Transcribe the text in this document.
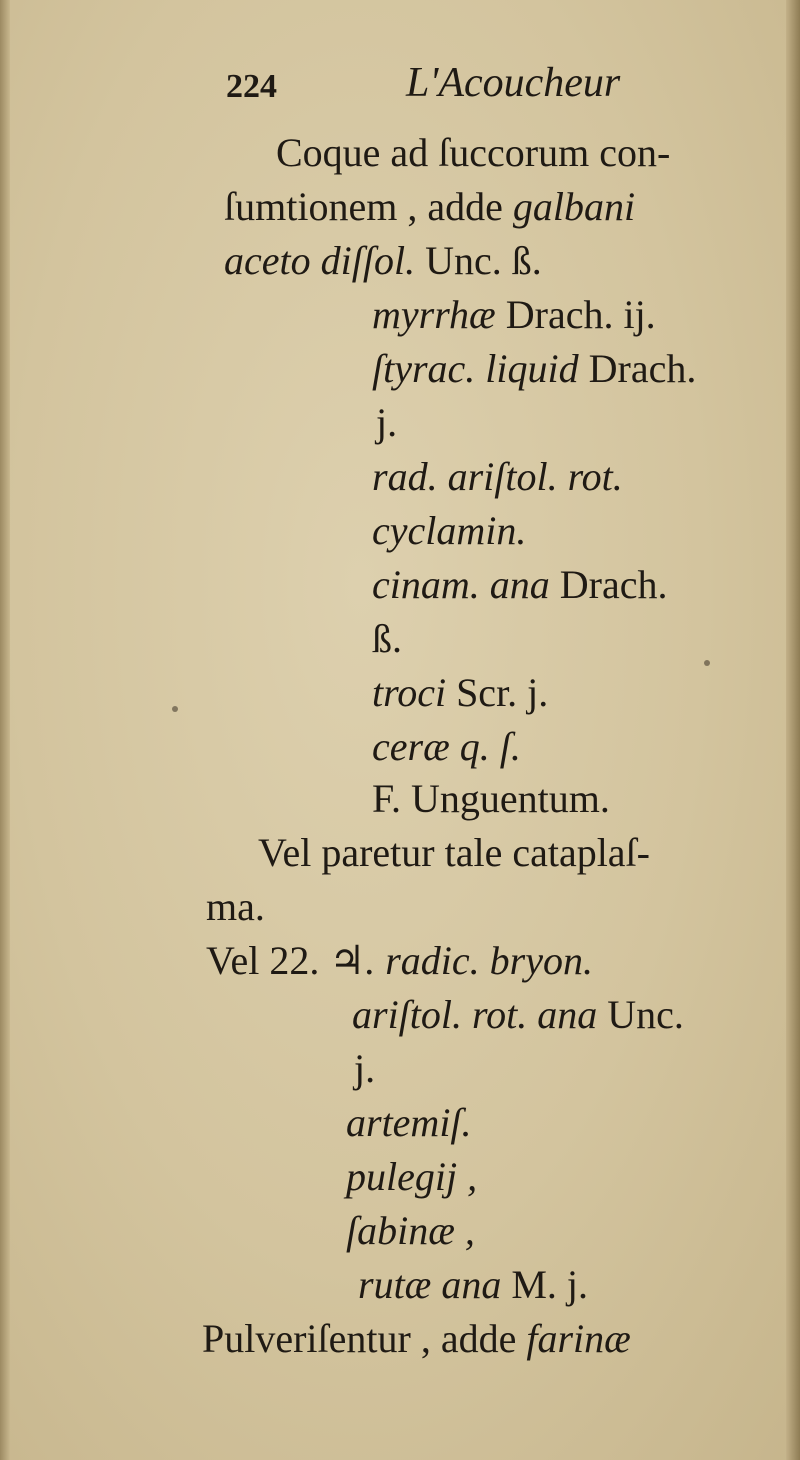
224	L'Acoucheur
Coque ad ſuccorum con-
ſumtionem , adde galbani
aceto diſſol. Unc. ß.
myrrhæ Drach. ij.
ſtyrac. liquid Drach.
j.
rad. ariſtol. rot.
cyclamin.
cinam. ana Drach.
ß.
troci Scr. j.
ceræ q. ſ.
F. Unguentum.
Vel paretur tale cataplaſ-
ma.
Vel 22. ♃. radic. bryon.
ariſtol. rot. ana Unc.
j.
artemiſ.
pulegij ,
ſabinæ ,
rutæ ana M. j.
Pulveriſentur , adde farinæ
